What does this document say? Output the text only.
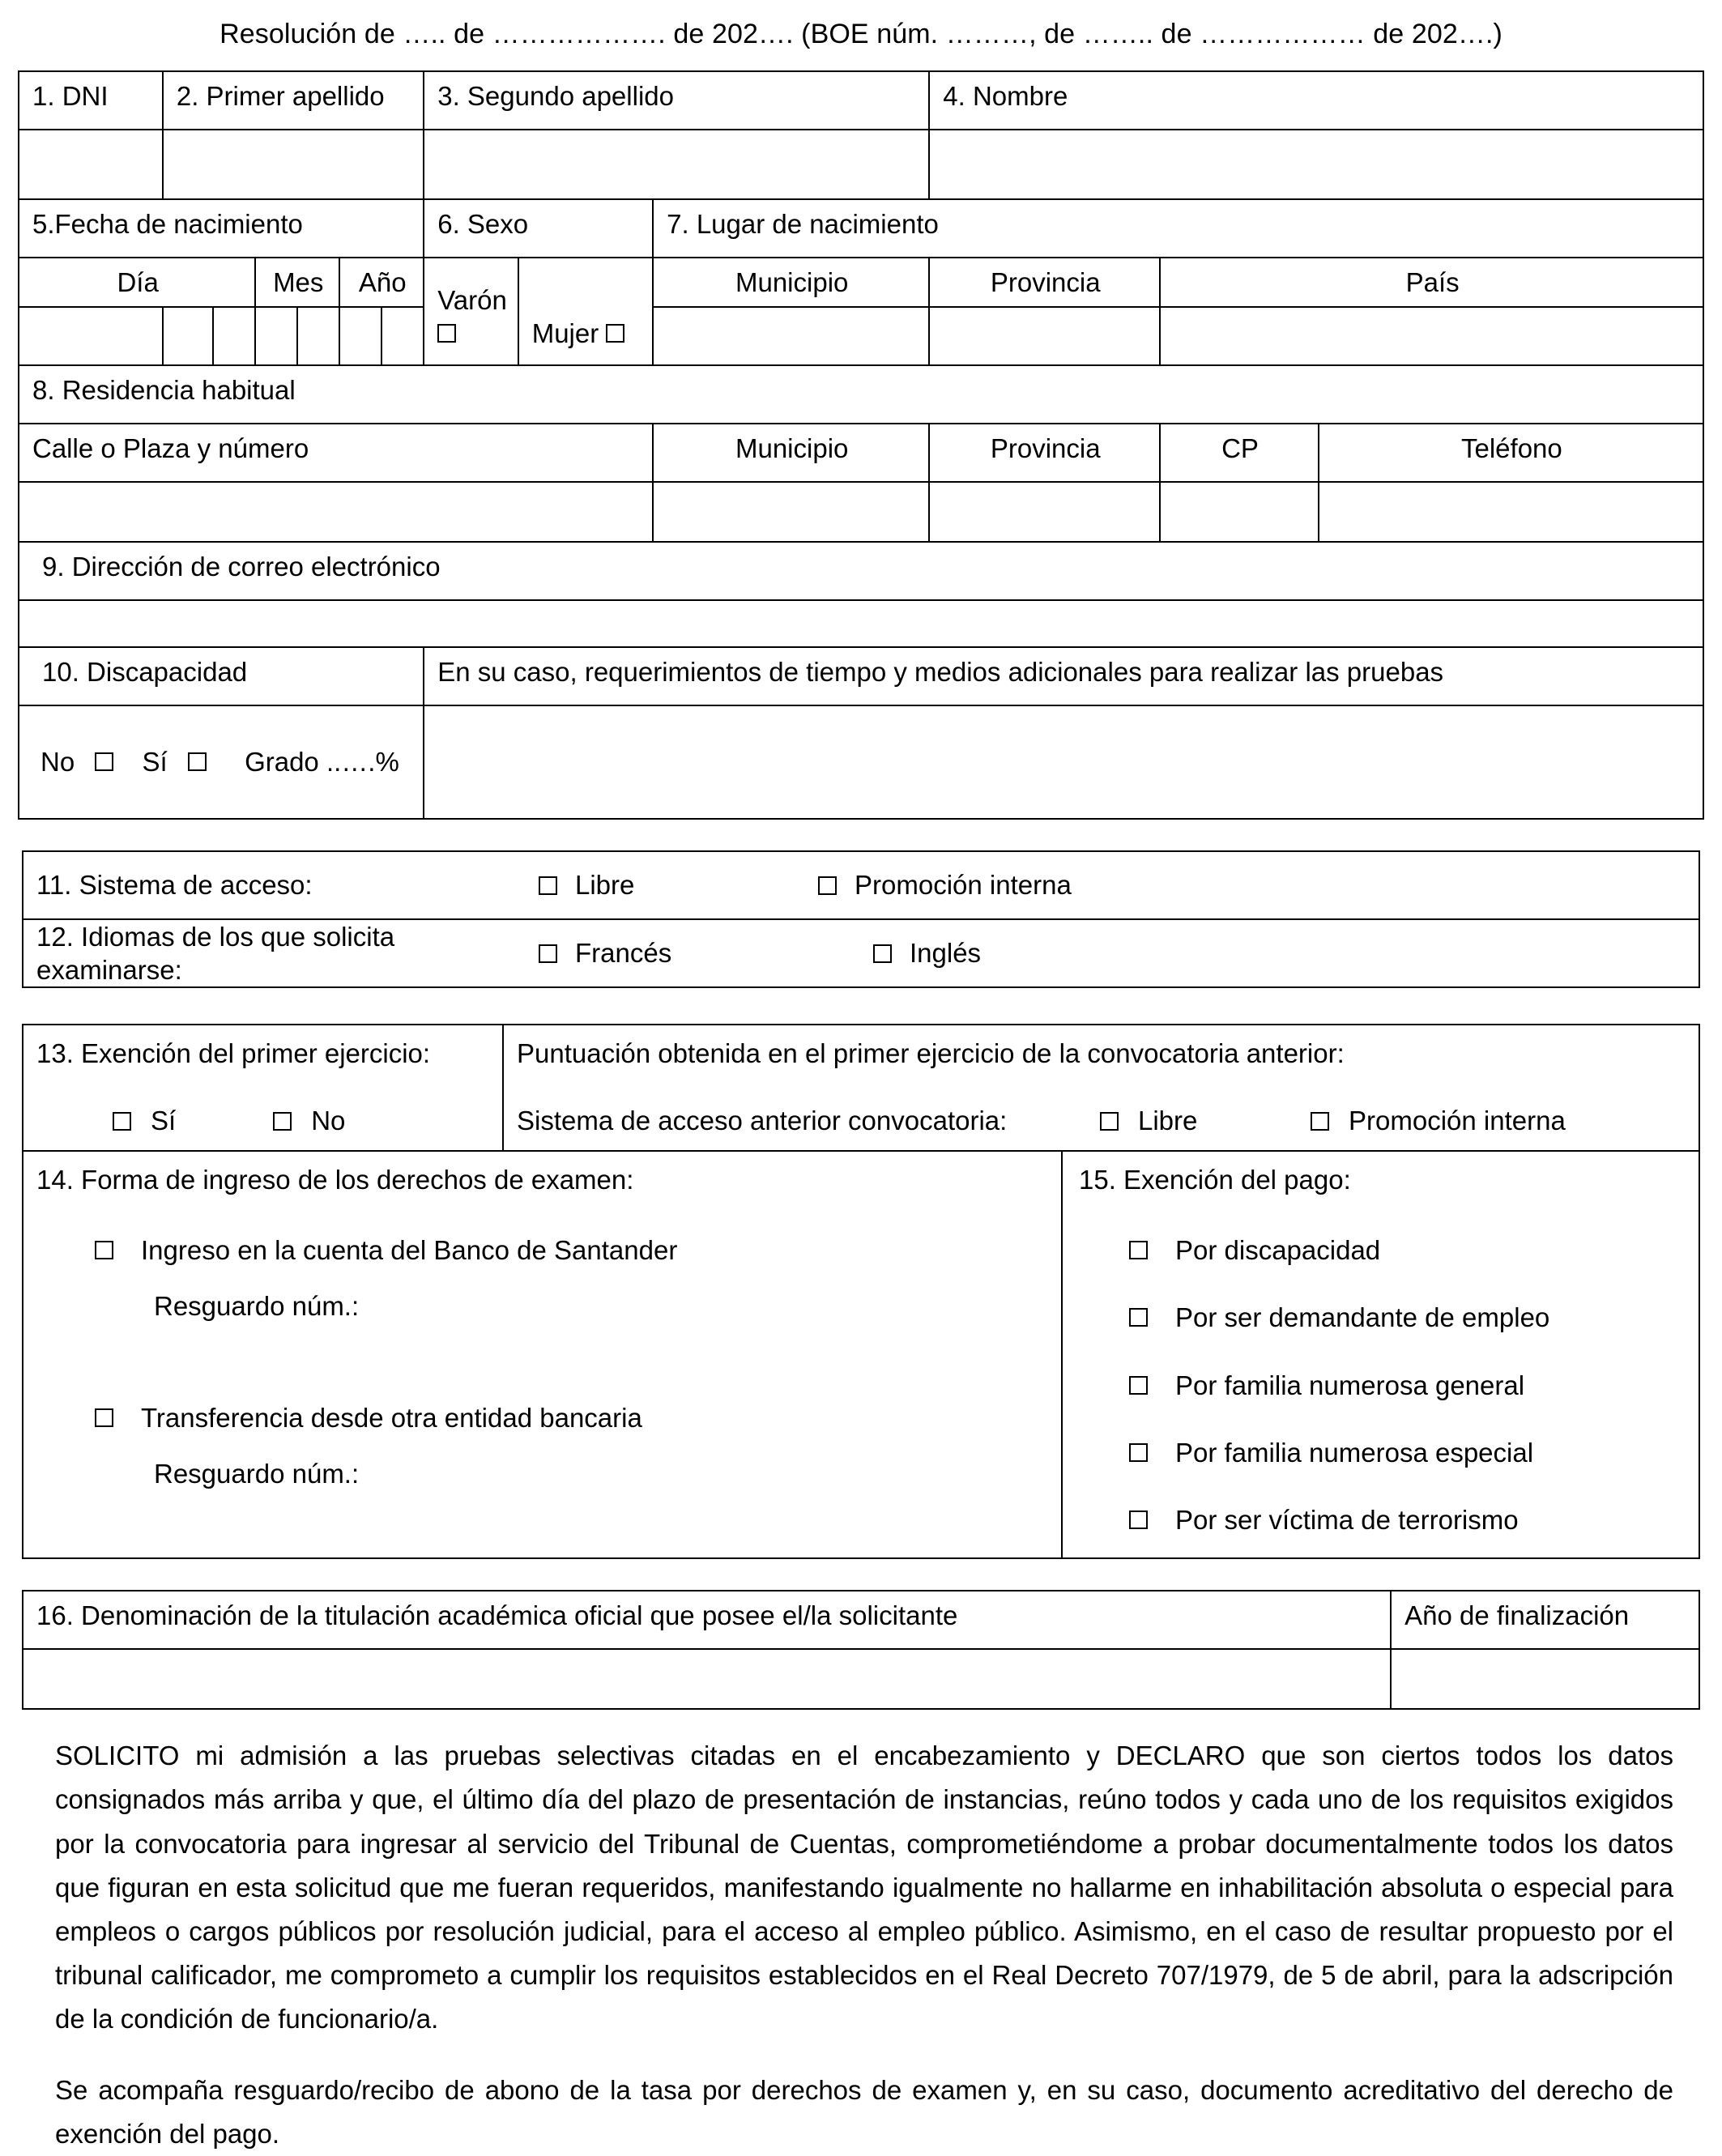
Resolución de ….. de ………………. de 202…. (BOE núm. ………, de …….. de ……………… de 202….)
1. DNI	2. Primer apellido						3. Segundo apellido			4. Nombre		

5.Fecha de nacimiento							6. Sexo		7. Lugar de nacimiento			
Día			Mes		Año		Varón	Mujer	Municipio	Provincia	País	

8. Residencia habitual												
Calle o Plaza y número									Municipio	Provincia	CP	Teléfono

9. Dirección de correo electrónico												

10. Discapacidad							En su caso, requerimientos de tiempo y medios adicionales para realizar las pruebas					
No Sí Grado ..….%												
11. Sistema de acceso:	Libre	Promoción interna
12. Idiomas de los que solicita examinarse:
Francés	Inglés
13. Exención del primer ejercicio:
Sí	No
Puntuación obtenida en el primer ejercicio de la convocatoria anterior:
Sistema de acceso anterior convocatoria:	Libre	Promoción interna
14. Forma de ingreso de los derechos de examen:
Ingreso en la cuenta del Banco de Santander
Resguardo núm.:
Transferencia desde otra entidad bancaria
Resguardo núm.:
15. Exención del pago:
Por discapacidad
Por ser demandante de empleo
Por familia numerosa general
Por familia numerosa especial
Por ser víctima de terrorismo
16. Denominación de la titulación académica oficial que posee el/la solicitante	Año de finalización

SOLICITO mi admisión a las pruebas selectivas citadas en el encabezamiento y DECLARO que son ciertos todos los datos consignados más arriba y que, el último día del plazo de presentación de instancias, reúno todos y cada uno de los requisitos exigidos por la convocatoria para ingresar al servicio del Tribunal de Cuentas, comprometiéndome a probar documentalmente todos los datos que figuran en esta solicitud que me fueran requeridos, manifestando igualmente no hallarme en inhabilitación absoluta o especial para empleos o cargos públicos por resolución judicial, para el acceso al empleo público. Asimismo, en el caso de resultar propuesto por el tribunal calificador, me comprometo a cumplir los requisitos establecidos en el Real Decreto 707/1979, de 5 de abril, para la adscripción de la condición de funcionario/a.

Se acompaña resguardo/recibo de abono de la tasa por derechos de examen y, en su caso, documento acreditativo del derecho de exención del pago.
